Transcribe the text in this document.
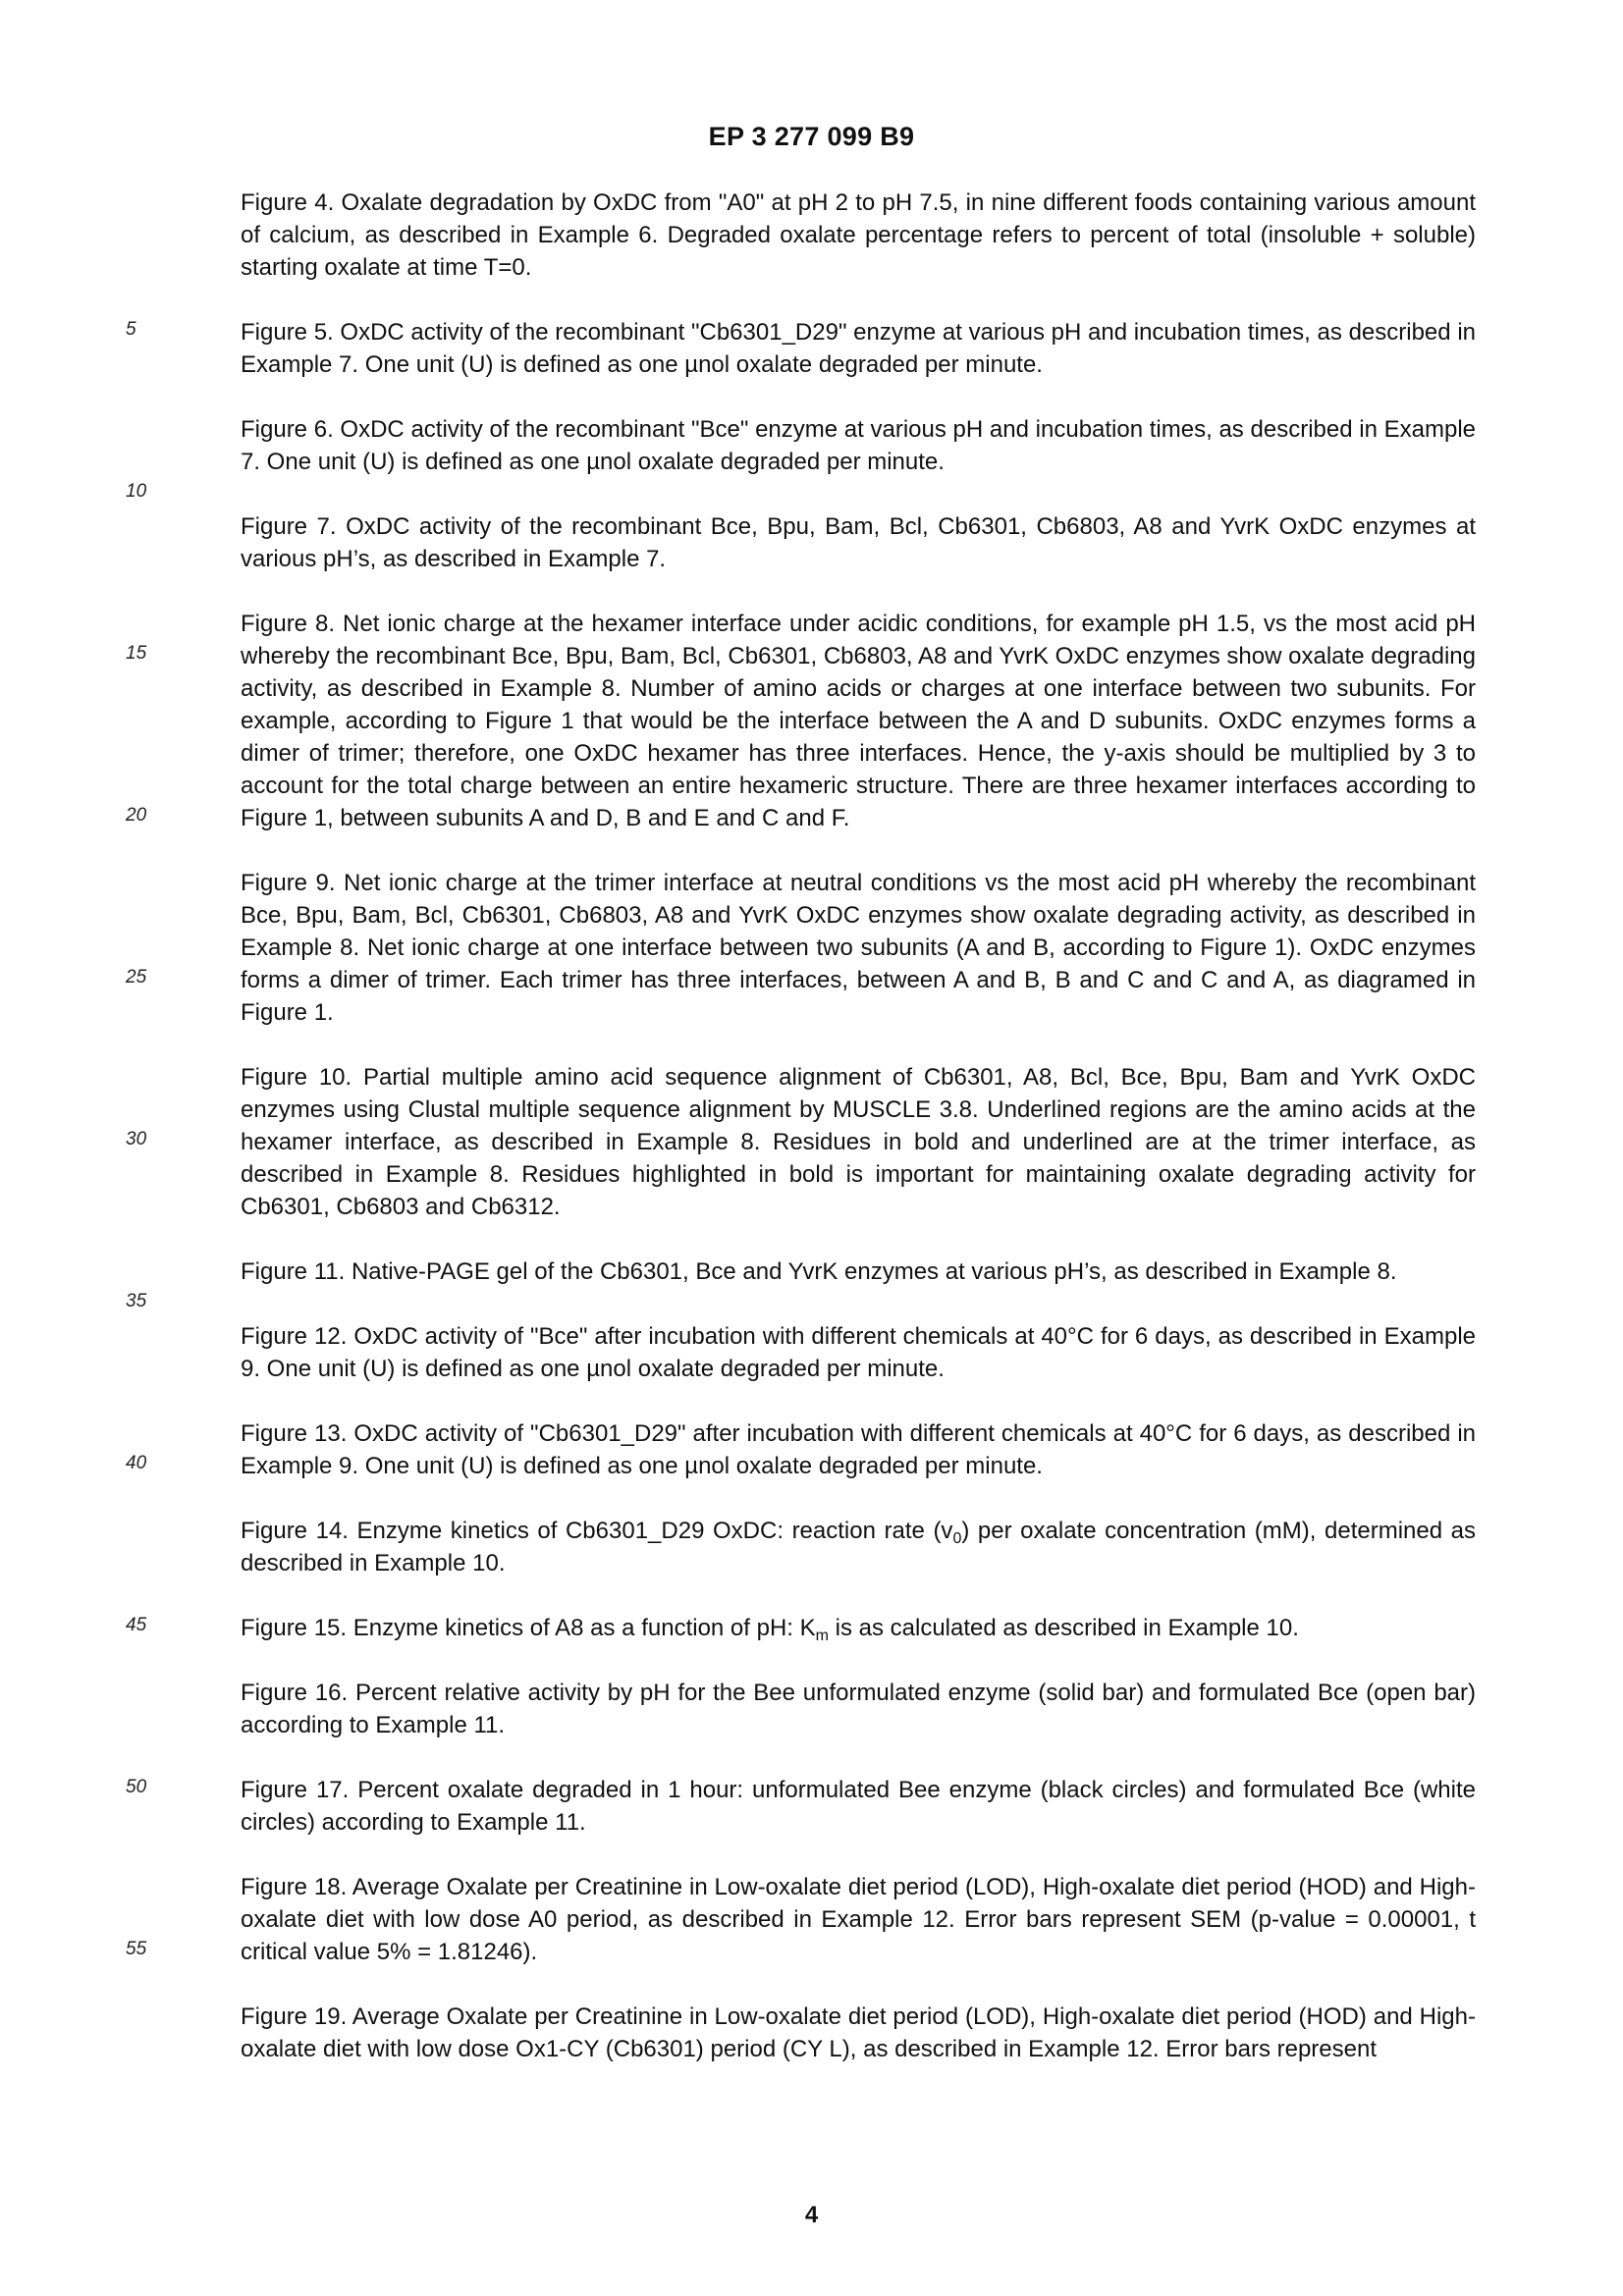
EP 3 277 099 B9
5
10
15
20
25
30
35
40
45
50
55

Figure 4. Oxalate degradation by OxDC from "A0" at pH 2 to pH 7.5, in nine different foods containing various amount of calcium, as described in Example 6. Degraded oxalate percentage refers to percent of total (insoluble + soluble) starting oxalate at time T=0.

Figure 5. OxDC activity of the recombinant "Cb6301_D29" enzyme at various pH and incubation times, as described in Example 7. One unit (U) is defined as one µnol oxalate degraded per minute.

Figure 6. OxDC activity of the recombinant "Bce" enzyme at various pH and incubation times, as described in Example 7. One unit (U) is defined as one µnol oxalate degraded per minute.

Figure 7. OxDC activity of the recombinant Bce, Bpu, Bam, Bcl, Cb6301, Cb6803, A8 and YvrK OxDC enzymes at various pH’s, as described in Example 7.

Figure 8. Net ionic charge at the hexamer interface under acidic conditions, for example pH 1.5, vs the most acid pH whereby the recombinant Bce, Bpu, Bam, Bcl, Cb6301, Cb6803, A8 and YvrK OxDC enzymes show oxalate degrading activity, as described in Example 8. Number of amino acids or charges at one interface between two subunits. For example, according to Figure 1 that would be the interface between the A and D subunits. OxDC enzymes forms a dimer of trimer; therefore, one OxDC hexamer has three interfaces. Hence, the y-axis should be multiplied by 3 to account for the total charge between an entire hexameric structure. There are three hexamer interfaces according to Figure 1, between subunits A and D, B and E and C and F.

Figure 9. Net ionic charge at the trimer interface at neutral conditions vs the most acid pH whereby the recombinant Bce, Bpu, Bam, Bcl, Cb6301, Cb6803, A8 and YvrK OxDC enzymes show oxalate degrading activity, as described in Example 8. Net ionic charge at one interface between two subunits (A and B, according to Figure 1). OxDC enzymes forms a dimer of trimer. Each trimer has three interfaces, between A and B, B and C and C and A, as diagramed in Figure 1.

Figure 10. Partial multiple amino acid sequence alignment of Cb6301, A8, Bcl, Bce, Bpu, Bam and YvrK OxDC enzymes using Clustal multiple sequence alignment by MUSCLE 3.8. Underlined regions are the amino acids at the hexamer interface, as described in Example 8. Residues in bold and underlined are at the trimer interface, as described in Example 8. Residues highlighted in bold is important for maintaining oxalate degrading activity for Cb6301, Cb6803 and Cb6312.

Figure 11. Native-PAGE gel of the Cb6301, Bce and YvrK enzymes at various pH’s, as described in Example 8.

Figure 12. OxDC activity of "Bce" after incubation with different chemicals at 40°C for 6 days, as described in Example 9. One unit (U) is defined as one µnol oxalate degraded per minute.

Figure 13. OxDC activity of "Cb6301_D29" after incubation with different chemicals at 40°C for 6 days, as described in Example 9. One unit (U) is defined as one µnol oxalate degraded per minute.

Figure 14. Enzyme kinetics of Cb6301_D29 OxDC: reaction rate $(v_0)$ per oxalate concentration (mM), determined as described in Example 10.

Figure 15. Enzyme kinetics of A8 as a function of pH: $K_m$ is as calculated as described in Example 10.

Figure 16. Percent relative activity by pH for the Bee unformulated enzyme (solid bar) and formulated Bce (open bar) according to Example 11.

Figure 17. Percent oxalate degraded in 1 hour: unformulated Bee enzyme (black circles) and formulated Bce (white circles) according to Example 11.

Figure 18. Average Oxalate per Creatinine in Low-oxalate diet period (LOD), High-oxalate diet period (HOD) and High-oxalate diet with low dose A0 period, as described in Example 12. Error bars represent SEM (p-value = 0.00001, t critical value 5% = 1.81246).

Figure 19. Average Oxalate per Creatinine in Low-oxalate diet period (LOD), High-oxalate diet period (HOD) and High-oxalate diet with low dose Ox1-CY (Cb6301) period (CY L), as described in Example 12. Error bars represent

4
